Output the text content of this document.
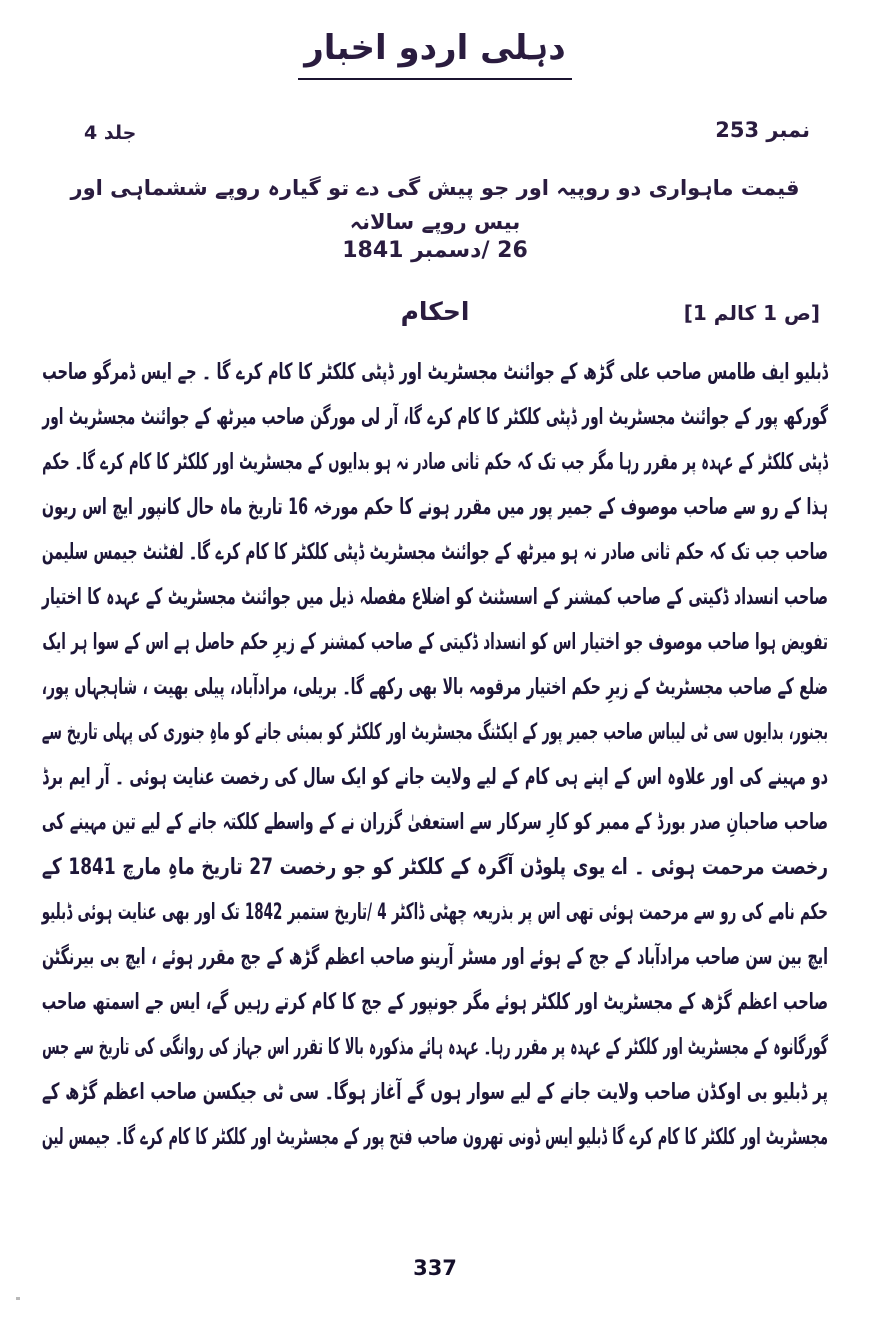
دہلی اردو اخبار
جلد 4	نمبر 253
قیمت ماہواری دو روپیہ اور جو پیش گی دے تو گیارہ روپے ششماہی اور بیس روپے سالانہ
26 /دسمبر 1841
احکام	[ص 1 کالم 1]

ڈبلیو ایف طامس صاحب علی گڑھ کے جوائنٹ مجسٹریٹ اور ڈپٹی کلکٹر کا کام کرے گا ۔ جے ایس ڈمرگو صاحب
گورکھ پور کے جوائنٹ مجسٹریٹ اور ڈپٹی کلکٹر کا کام کرے گا، آر لی مورگن صاحب میرٹھ کے جوائنٹ مجسٹریٹ اور
ڈپٹی کلکٹر کے عہدہ پر مقرر رہا مگر جب تک کہ حکم ثانی صادر نہ ہو بدایوں کے مجسٹریٹ اور کلکٹر کا کام کرے گا۔ حکم
ہذا کے رو سے صاحب موصوف کے جمیر پور میں مقرر ہونے کا حکم مورخہ 16 تاریخ ماہ حال کانپور ایچ اس ریون
صاحب جب تک کہ حکم ثانی صادر نہ ہو میرٹھ کے جوائنٹ مجسٹریٹ ڈپٹی کلکٹر کا کام کرے گا۔ لفٹنٹ جیمس سلیمن
صاحب انسداد ڈکیتی کے صاحب کمشنر کے اسسٹنٹ کو اضلاع مفصلہ ذیل میں جوائنٹ مجسٹریٹ کے عہدہ کا اختیار
تفویض ہوا صاحب موصوف جو اختیار اس کو انسداد ڈکیتی کے صاحب کمشنر کے زیرِ حکم حاصل ہے اس کے سوا ہر ایک
ضلع کے صاحب مجسٹریٹ کے زیرِ حکم اختیار مرقومہ بالا بھی رکھے گا۔ بریلی، مرادآباد، پیلی بھیت ، شاہجہاں پور،
بجنور، بدایوں سی ٹی لیباس صاحب جمیر پور کے ایکٹنگ مجسٹریٹ اور کلکٹر کو بمبئی جانے کو ماہِ جنوری کی پہلی تاریخ سے
دو مہینے کی اور علاوہ اس کے اپنے ہی کام کے لیے ولایت جانے کو ایک سال کی رخصت عنایت ہوئی ۔ آر ایم برڈ
صاحب صاحبانِ صدر بورڈ کے ممبر کو کارِ سرکار سے استعفیٰ گزران نے کے واسطے کلکتہ جانے کے لیے تین مہینے کی
رخصت مرحمت ہوئی ۔ اے یوی پلوڈن آگرہ کے کلکٹر کو جو رخصت 27 تاریخ ماہِ مارچ 1841 کے
حکم نامے کی رو سے مرحمت ہوئی تھی اس پر بذریعہ چھٹی ڈاکٹر 4 /تاریخ ستمبر 1842 تک اور بھی عنایت ہوئی ڈبلیو
ایچ بین سن صاحب مرادآباد کے جج کے ہوئے اور مسٹر آرینو صاحب اعظم گڑھ کے جج مقرر ہوئے ، ایچ بی بیرنگٹن
صاحب اعظم گڑھ کے مجسٹریٹ اور کلکٹر ہوئے مگر جونپور کے جج کا کام کرتے رہیں گے، ایس جے اسمتھ صاحب
گورگانوہ کے مجسٹریٹ اور کلکٹر کے عہدہ پر مقرر رہا۔ عہدہ ہائے مذکورہ بالا کا تقرر اس جہاز کی روانگی کی تاریخ سے جس
پر ڈبلیو بی اوکڈن صاحب ولایت جانے کے لیے سوار ہوں گے آغاز ہوگا۔ سی ٹی جیکسن صاحب اعظم گڑھ کے
مجسٹریٹ اور کلکٹر کا کام کرے گا ڈبلیو ایس ڈونی تھرون صاحب فتح پور کے مجسٹریٹ اور کلکٹر کا کام کرے گا۔ جیمس لین

337
